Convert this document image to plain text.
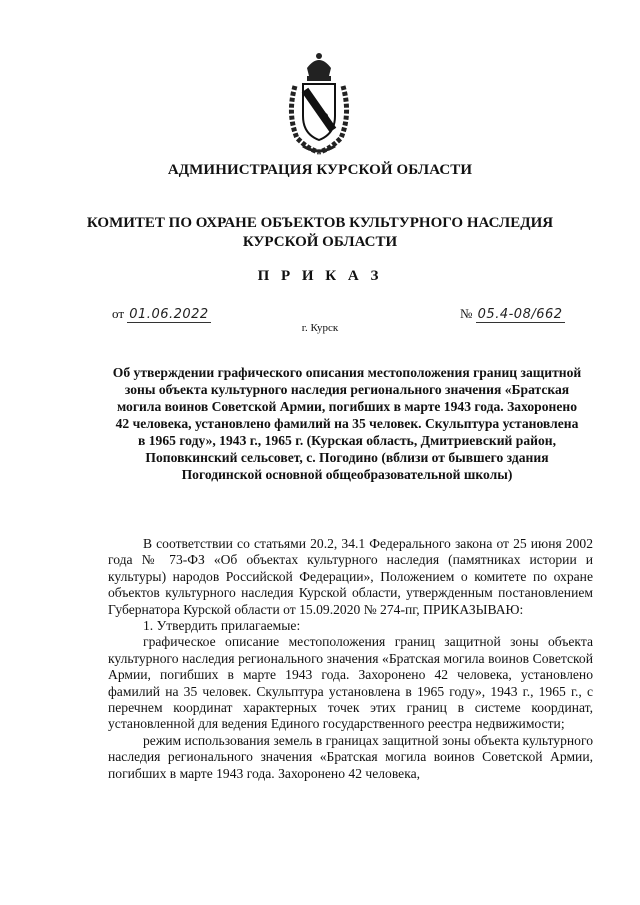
АДМИНИСТРАЦИЯ КУРСКОЙ ОБЛАСТИ
КОМИТЕТ ПО ОХРАНЕ ОБЪЕКТОВ КУЛЬТУРНОГО НАСЛЕДИЯ
КУРСКОЙ ОБЛАСТИ
П Р И К А З
от 01.06.2022	№ 05.4-08/662
г. Курск
Об утверждении графического описания местоположения границ защитной зоны объекта культурного наследия регионального значения «Братская могила воинов Советской Армии, погибших в марте 1943 года. Захоронено 42 человека, установлено фамилий на 35 человек. Скульптура установлена в 1965 году», 1943 г., 1965 г. (Курская область, Дмитриевский район, Поповкинский сельсовет, с. Погодино (вблизи от бывшего здания Погодинской основной общеобразовательной школы)

В соответствии со статьями 20.2, 34.1 Федерального закона от 25 июня 2002 года № 73-ФЗ «Об объектах культурного наследия (памятниках истории и культуры) народов Российской Федерации», Положением о комитете по охране объектов культурного наследия Курской области, утвержденным постановлением Губернатора Курской области от 15.09.2020 № 274-пг, ПРИКАЗЫВАЮ:

1. Утвердить прилагаемые:

графическое описание местоположения границ защитной зоны объекта культурного наследия регионального значения «Братская могила воинов Советской Армии, погибших в марте 1943 года. Захоронено 42 человека, установлено фамилий на 35 человек. Скульптура установлена в 1965 году», 1943 г., 1965 г., с перечнем координат характерных точек этих границ в системе координат, установленной для ведения Единого государственного реестра недвижимости;

режим использования земель в границах защитной зоны объекта культурного наследия регионального значения «Братская могила воинов Советской Армии, погибших в марте 1943 года. Захоронено 42 человека,
